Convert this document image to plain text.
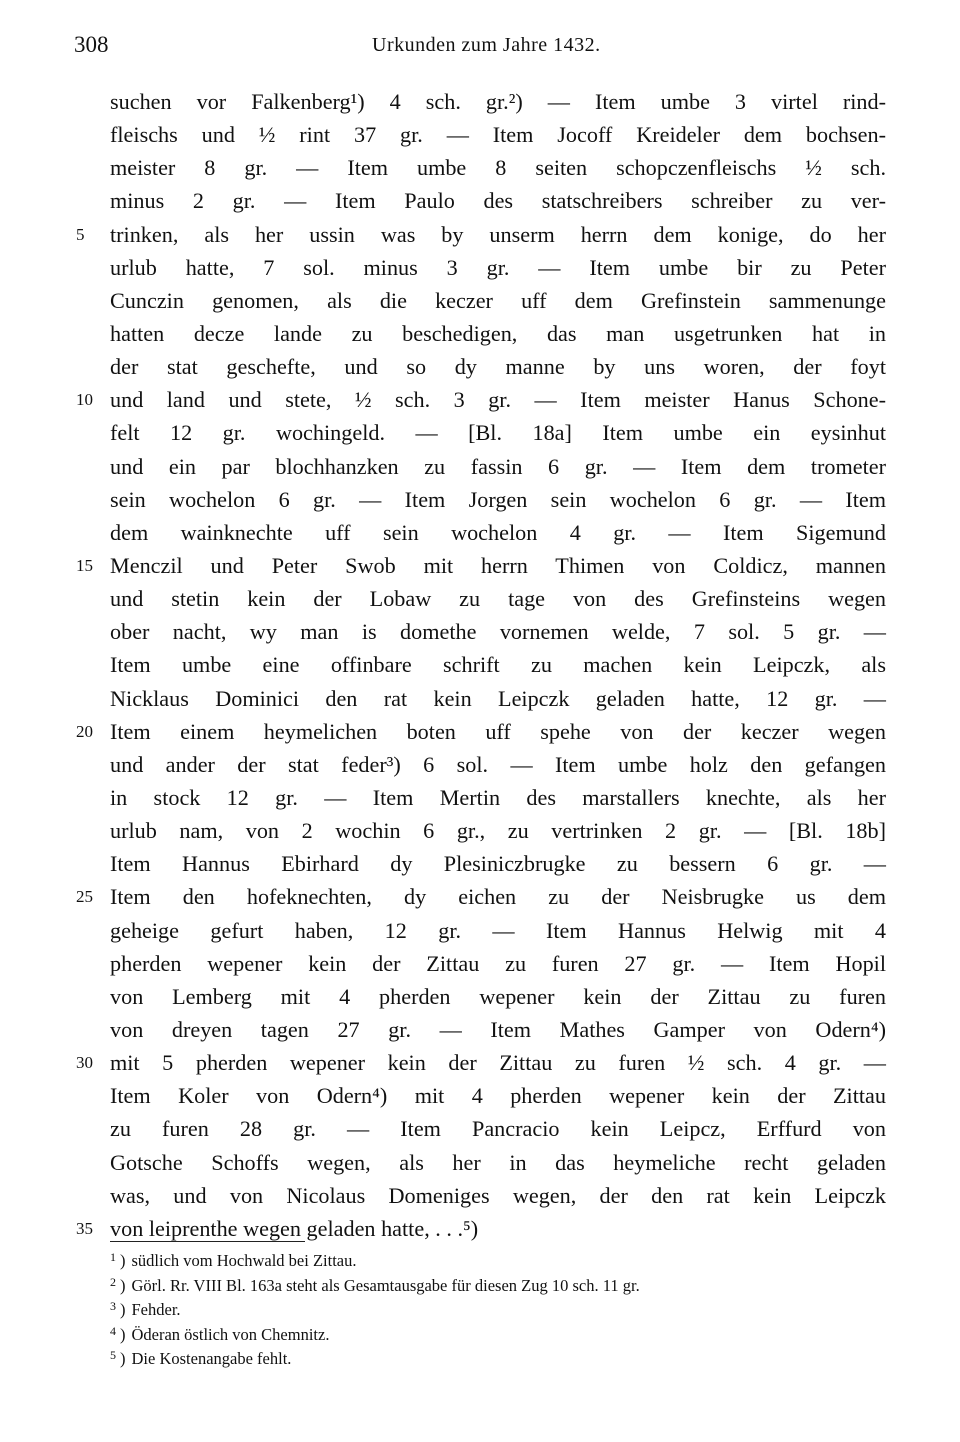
308	Urkunden zum Jahre 1432.
suchen vor Falkenberg¹) 4 sch. gr.²) — Item umbe 3 virtel rind-
fleischs und ½ rint 37 gr. — Item Jocoff Kreideler dem bochsen-
meister 8 gr. — Item umbe 8 seiten schopczenfleischs ½ sch.
minus 2 gr. — Item Paulo des statschreibers schreiber zu ver-
5	trinken, als her ussin was by unserm herrn dem konige, do her
urlub hatte, 7 sol. minus 3 gr. — Item umbe bir zu Peter
Cunczin genomen, als die keczer uff dem Grefinstein sammenunge
hatten decze lande zu beschedigen, das man usgetrunken hat in
der stat geschefte, und so dy manne by uns woren, der foyt
10 und land und stete, ½ sch. 3 gr. — Item meister Hanus Schone-
felt 12 gr. wochingeld. — [Bl. 18a] Item umbe ein eysinhut
und ein par blochhanzken zu fassin 6 gr. — Item dem trometer
sein wochelon 6 gr. — Item Jorgen sein wochelon 6 gr. — Item
dem wainknechte uff sein wochelon 4 gr. — Item Sigemund
15 Menczil und Peter Swob mit herrn Thimen von Coldicz, mannen
und stetin kein der Lobaw zu tage von des Grefinsteins wegen
ober nacht, wy man is domethe vornemen welde, 7 sol. 5 gr. —
Item umbe eine offinbare schrift zu machen kein Leipczk, als
Nicklaus Dominici den rat kein Leipczk geladen hatte, 12 gr. —
20 Item einem heymelichen boten uff spehe von der keczer wegen
und ander der stat feder³) 6 sol. — Item umbe holz den gefangen
in stock 12 gr. — Item Mertin des marstallers knechte, als her
urlub nam, von 2 wochin 6 gr., zu vertrinken 2 gr. — [Bl. 18b]
Item Hannus Ebirhard dy Plesiniczbrugke zu bessern 6 gr. —
25 Item den hofeknechten, dy eichen zu der Neisbrugke us dem
geheige gefurt haben, 12 gr. — Item Hannus Helwig mit 4
pherden wepener kein der Zittau zu furen 27 gr. — Item Hopil
von Lemberg mit 4 pherden wepener kein der Zittau zu furen
von dreyen tagen 27 gr. — Item Mathes Gamper von Odern⁴)
30 mit 5 pherden wepener kein der Zittau zu furen ½ sch. 4 gr. —
Item Koler von Odern⁴) mit 4 pherden wepener kein der Zittau
zu furen 28 gr. — Item Pancracio kein Leipcz, Erffurd von
Gotsche Schoffs wegen, als her in das heymeliche recht geladen
was, und von Nicolaus Domeniges wegen, der den rat kein Leipczk
35 von leiprenthe wegen geladen hatte, . . .⁵)
$^1$ ) südlich vom Hochwald bei Zittau.
$^2$ ) Görl. Rr. VIII Bl. 163a steht als Gesamtausgabe für diesen Zug 10 sch. 11 gr.
$^3$ ) Fehder.
$^4$ ) Öderan östlich von Chemnitz.
$^5$ ) Die Kostenangabe fehlt.
